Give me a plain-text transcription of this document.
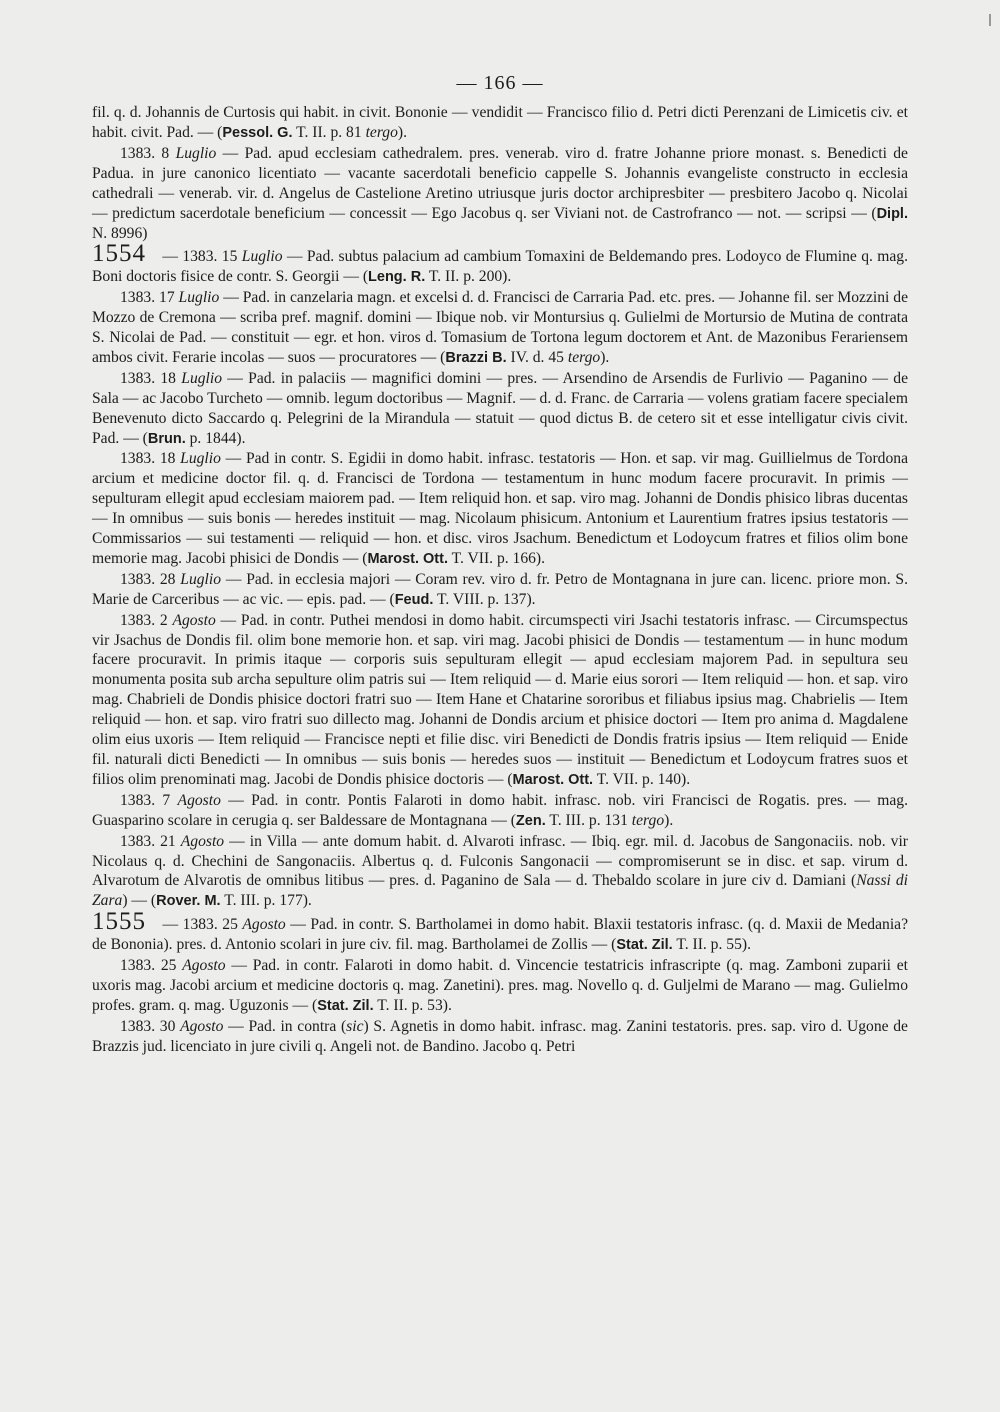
— 166 —

fil. q. d. Johannis de Curtosis qui habit. in civit. Bononie — vendidit — Francisco filio d. Petri dicti Perenzani de Limicetis civ. et habit. civit. Pad. — (Pessol. G. T. II. p. 81 tergo).

1383. 8 Luglio — Pad. apud ecclesiam cathedralem. pres. venerab. viro d. fratre Johanne priore monast. s. Benedicti de Padua. in jure canonico licentiato — vacante sacerdotali beneficio cappelle S. Johannis evangeliste constructo in ecclesia cathedrali — venerab. vir. d. Angelus de Castelione Aretino utriusque juris doctor archipresbiter — presbitero Jacobo q. Nicolai — predictum sacerdotale beneficium — concessit — Ego Jacobus q. ser Viviani not. de Castrofranco — not. — scripsi — (Dipl. N. 8996)

1554 — 1383. 15 Luglio — Pad. subtus palacium ad cambium Tomaxini de Beldemando pres. Lodoyco de Flumine q. mag. Boni doctoris fisice de contr. S. Georgii — (Leng. R. T. II. p. 200).

1383. 17 Luglio — Pad. in canzelaria magn. et excelsi d. d. Francisci de Carraria Pad. etc. pres. — Johanne fil. ser Mozzini de Mozzo de Cremona — scriba pref. magnif. domini — Ibique nob. vir Montursius q. Gulielmi de Mortursio de Mutina de contrata S. Nicolai de Pad. — constituit — egr. et hon. viros d. Tomasium de Tortona legum doctorem et Ant. de Mazonibus Ferariensem ambos civit. Ferarie incolas — suos — procuratores — (Brazzi B. IV. d. 45 tergo).

1383. 18 Luglio — Pad. in palaciis — magnifici domini — pres. — Arsendino de Arsendis de Furlivio — Paganino — de Sala — ac Jacobo Turcheto — omnib. legum doctoribus — Magnif. — d. d. Franc. de Carraria — volens gratiam facere specialem Benevenuto dicto Saccardo q. Pelegrini de la Mirandula — statuit — quod dictus B. de cetero sit et esse intelligatur civis civit. Pad. — (Brun. p. 1844).

1383. 18 Luglio — Pad in contr. S. Egidii in domo habit. infrasc. testatoris — Hon. et sap. vir mag. Guillielmus de Tordona arcium et medicine doctor fil. q. d. Francisci de Tordona — testamentum in hunc modum facere procuravit. In primis — sepulturam ellegit apud ecclesiam maiorem pad. — Item reliquid hon. et sap. viro mag. Johanni de Dondis phisico libras ducentas — In omnibus — suis bonis — heredes instituit — mag. Nicolaum phisicum. Antonium et Laurentium fratres ipsius testatoris — Commissarios — sui testamenti — reliquid — hon. et disc. viros Jsachum. Benedictum et Lodoycum fratres et filios olim bone memorie mag. Jacobi phisici de Dondis — (Marost. Ott. T. VII. p. 166).

1383. 28 Luglio — Pad. in ecclesia majori — Coram rev. viro d. fr. Petro de Montagnana in jure can. licenc. priore mon. S. Marie de Carceribus — ac vic. — epis. pad. — (Feud. T. VIII. p. 137).

1383. 2 Agosto — Pad. in contr. Puthei mendosi in domo habit. circumspecti viri Jsachi testatoris infrasc. — Circumspectus vir Jsachus de Dondis fil. olim bone memorie hon. et sap. viri mag. Jacobi phisici de Dondis — testamentum — in hunc modum facere procuravit. In primis itaque — corporis suis sepulturam ellegit — apud ecclesiam majorem Pad. in sepultura seu monumenta posita sub archa sepulture olim patris sui — Item reliquid — d. Marie eius sorori — Item reliquid — hon. et sap. viro mag. Chabrieli de Dondis phisice doctori fratri suo — Item Hane et Chatarine sororibus et filiabus ipsius mag. Chabrielis — Item reliquid — hon. et sap. viro fratri suo dillecto mag. Johanni de Dondis arcium et phisice doctori — Item pro anima d. Magdalene olim eius uxoris — Item reliquid — Francisce nepti et filie disc. viri Benedicti de Dondis fratris ipsius — Item reliquid — Enide fil. naturali dicti Benedicti — In omnibus — suis bonis — heredes suos — instituit — Benedictum et Lodoycum fratres suos et filios olim prenominati mag. Jacobi de Dondis phisice doctoris — (Marost. Ott. T. VII. p. 140).

1383. 7 Agosto — Pad. in contr. Pontis Falaroti in domo habit. infrasc. nob. viri Francisci de Rogatis. pres. — mag. Guasparino scolare in cerugia q. ser Baldessare de Montagnana — (Zen. T. III. p. 131 tergo).

1383. 21 Agosto — in Villa — ante domum habit. d. Alvaroti infrasc. — Ibiq. egr. mil. d. Jacobus de Sangonaciis. nob. vir Nicolaus q. d. Chechini de Sangonaciis. Albertus q. d. Fulconis Sangonacii — compromiserunt se in disc. et sap. virum d. Alvarotum de Alvarotis de omnibus litibus — pres. d. Paganino de Sala — d. Thebaldo scolare in jure civ d. Damiani (Nassi di Zara) — (Rover. M. T. III. p. 177).

1555 — 1383. 25 Agosto — Pad. in contr. S. Bartholamei in domo habit. Blaxii testatoris infrasc. (q. d. Maxii de Medania? de Bononia). pres. d. Antonio scolari in jure civ. fil. mag. Bartholamei de Zollis — (Stat. Zil. T. II. p. 55).

1383. 25 Agosto — Pad. in contr. Falaroti in domo habit. d. Vincencie testatricis infrascripte (q. mag. Zamboni zuparii et uxoris mag. Jacobi arcium et medicine doctoris q. mag. Zanetini). pres. mag. Novello q. d. Guljelmi de Marano — mag. Gulielmo profes. gram. q. mag. Uguzonis — (Stat. Zil. T. II. p. 53).

1383. 30 Agosto — Pad. in contra (sic) S. Agnetis in domo habit. infrasc. mag. Zanini testatoris. pres. sap. viro d. Ugone de Brazzis jud. licenciato in jure civili q. Angeli not. de Bandino. Jacobo q. Petri
